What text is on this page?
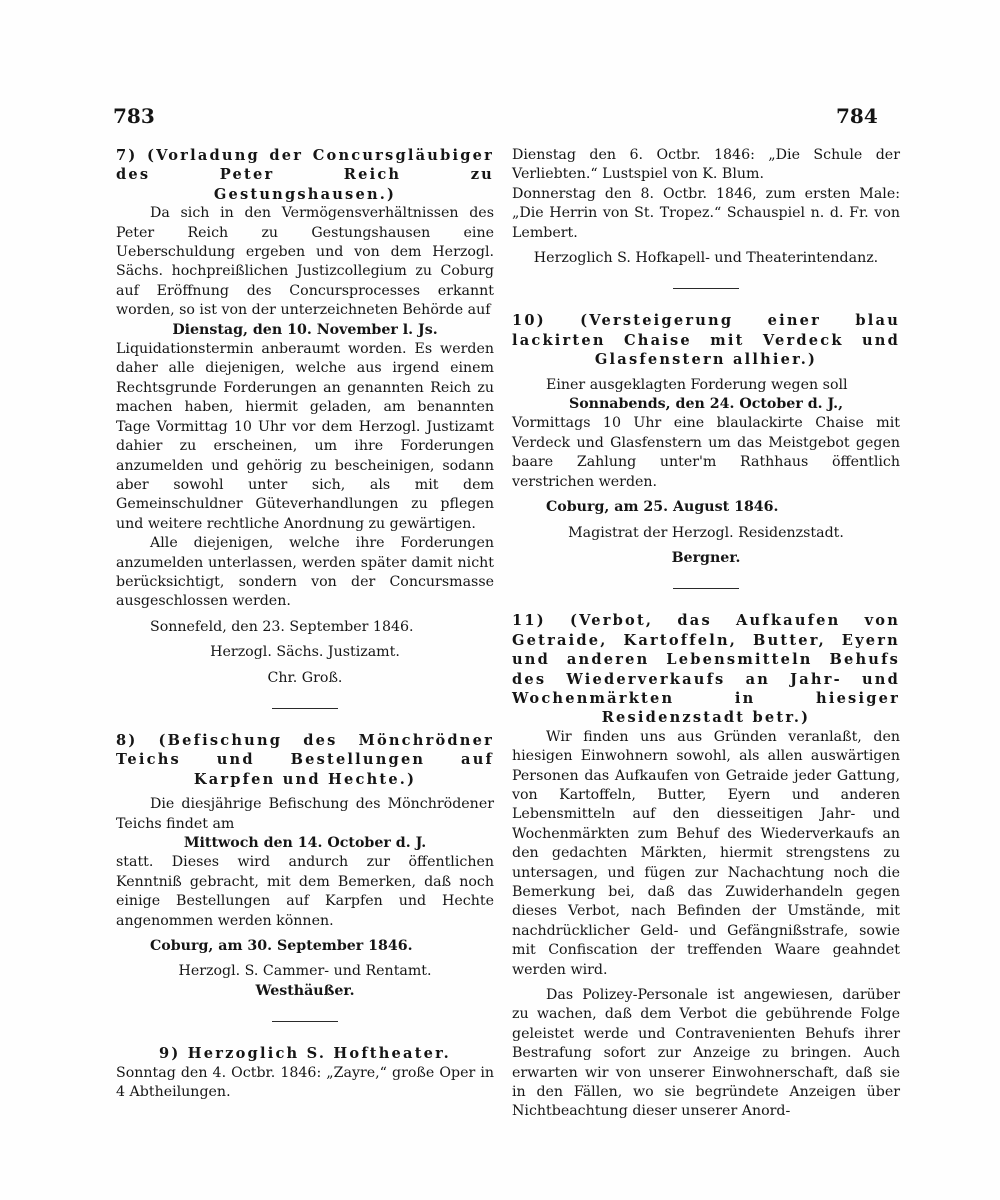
783	784

7) (Vorladung der Concursgläubiger des Peter Reich zu Gestungshausen.)

Da sich in den Vermögensverhältnissen des Peter Reich zu Gestungshausen eine Ueberschuldung ergeben und von dem Herzogl. Sächs. hochpreißlichen Justizcollegium zu Coburg auf Eröffnung des Concursprocesses erkannt worden, so ist von der unterzeichneten Behörde auf

Dienstag, den 10. November l. Js.

Liquidationstermin anberaumt worden. Es werden daher alle diejenigen, welche aus irgend einem Rechtsgrunde Forderungen an genannten Reich zu machen haben, hiermit geladen, am benannten Tage Vormittag 10 Uhr vor dem Herzogl. Justizamt dahier zu erscheinen, um ihre Forderungen anzumelden und gehörig zu bescheinigen, sodann aber sowohl unter sich, als mit dem Gemeinschuldner Güteverhandlungen zu pflegen und weitere rechtliche Anordnung zu gewärtigen.

Alle diejenigen, welche ihre Forderungen anzumelden unterlassen, werden später damit nicht berücksichtigt, sondern von der Concursmasse ausgeschlossen werden.

Sonnefeld, den 23. September 1846.

Herzogl. Sächs. Justizamt.

Chr. Groß.

8) (Befischung des Mönchrödner Teichs und Bestellungen auf Karpfen und Hechte.)

Die diesjährige Befischung des Mönchrödener Teichs findet am

Mittwoch den 14. October d. J.

statt. Dieses wird andurch zur öffentlichen Kenntniß gebracht, mit dem Bemerken, daß noch einige Bestellungen auf Karpfen und Hechte angenommen werden können.

Coburg, am 30. September 1846.

Herzogl. S. Cammer- und Rentamt.

Westhäußer.

9) Herzoglich S. Hoftheater.

Sonntag den 4. Octbr. 1846: „Zayre,“ große Oper in 4 Abtheilungen.

Dienstag den 6. Octbr. 1846: „Die Schule der Verliebten.“ Lustspiel von K. Blum.

Donnerstag den 8. Octbr. 1846, zum ersten Male: „Die Herrin von St. Tropez.“ Schauspiel n. d. Fr. von Lembert.

Herzoglich S. Hofkapell- und Theaterintendanz.

10) (Versteigerung einer blau lackirten Chaise mit Verdeck und Glasfenstern allhier.)

Einer ausgeklagten Forderung wegen soll

Sonnabends, den 24. October d. J.,

Vormittags 10 Uhr eine blaulackirte Chaise mit Verdeck und Glasfenstern um das Meistgebot gegen baare Zahlung unter'm Rathhaus öffentlich verstrichen werden.

Coburg, am 25. August 1846.

Magistrat der Herzogl. Residenzstadt.

Bergner.

11) (Verbot, das Aufkaufen von Getraide, Kartoffeln, Butter, Eyern und anderen Lebensmitteln Behufs des Wiederverkaufs an Jahr- und Wochenmärkten in hiesiger Residenzstadt betr.)

Wir finden uns aus Gründen veranlaßt, den hiesigen Einwohnern sowohl, als allen auswärtigen Personen das Aufkaufen von Getraide jeder Gattung, von Kartoffeln, Butter, Eyern und anderen Lebensmitteln auf den diesseitigen Jahr- und Wochenmärkten zum Behuf des Wiederverkaufs an den gedachten Märkten, hiermit strengstens zu untersagen, und fügen zur Nachachtung noch die Bemerkung bei, daß das Zuwiderhandeln gegen dieses Verbot, nach Befinden der Umstände, mit nachdrücklicher Geld- und Gefängnißstrafe, sowie mit Confiscation der treffenden Waare geahndet werden wird.

Das Polizey-Personale ist angewiesen, darüber zu wachen, daß dem Verbot die gebührende Folge geleistet werde und Contravenienten Behufs ihrer Bestrafung sofort zur Anzeige zu bringen. Auch erwarten wir von unserer Einwohnerschaft, daß sie in den Fällen, wo sie begründete Anzeigen über Nichtbeachtung dieser unserer Anord-
